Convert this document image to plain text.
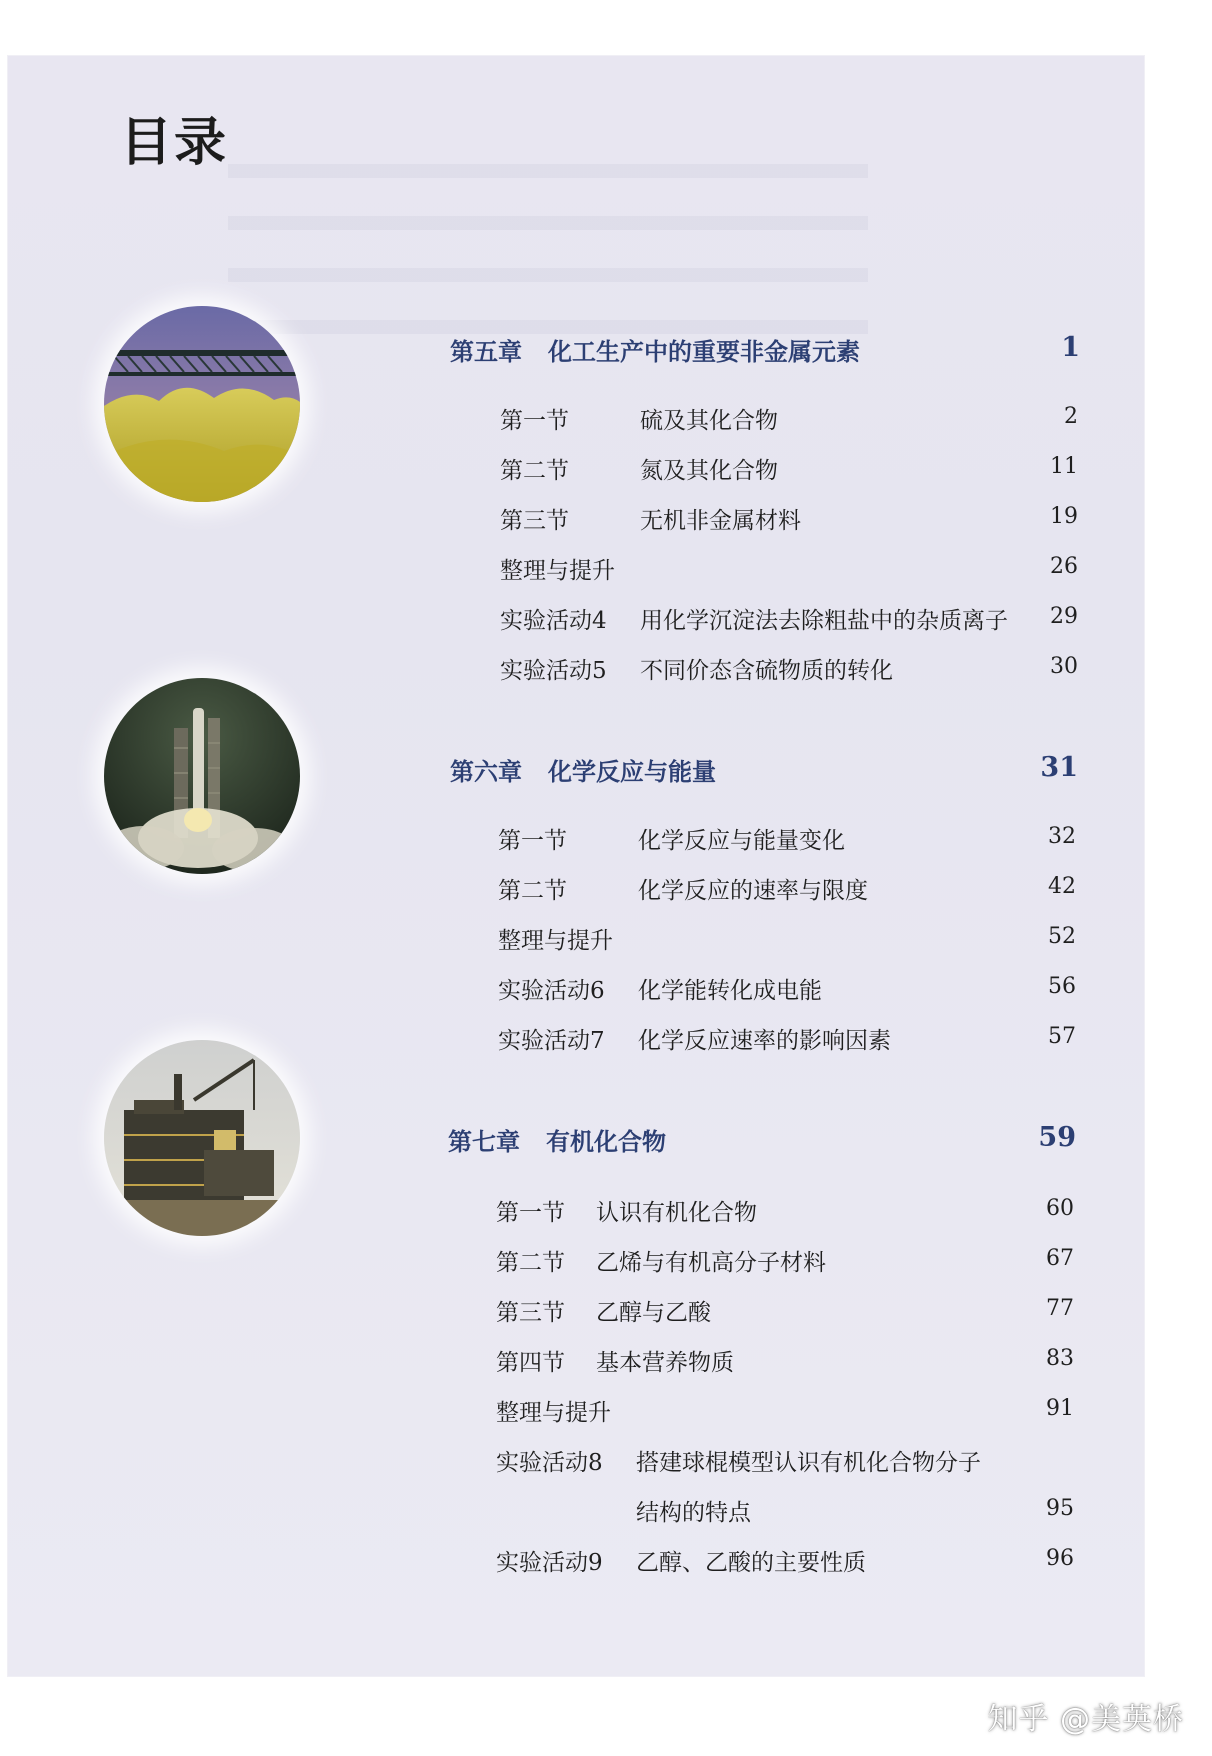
目录
第五章 化工生产中的重要非金属元素	1
第一节	硫及其化合物	2
第二节	氮及其化合物	11
第三节	无机非金属材料	19
整理与提升	26
实验活动4 用化学沉淀法去除粗盐中的杂质离子 29
实验活动5 不同价态含硫物质的转化	30
第六章 化学反应与能量	31
第一节	化学反应与能量变化	32
第二节	化学反应的速率与限度	42
整理与提升	52
实验活动6 化学能转化成电能	56
实验活动7 化学反应速率的影响因素	57
第七章 有机化合物	59
第一节 认识有机化合物	60
第二节 乙烯与有机高分子材料	67
第三节 乙醇与乙酸	77
第四节 基本营养物质	83
整理与提升	91
实验活动8 搭建球棍模型认识有机化合物分子
结构的特点	95
实验活动9 乙醇、乙酸的主要性质	96
知乎 @美英桥
